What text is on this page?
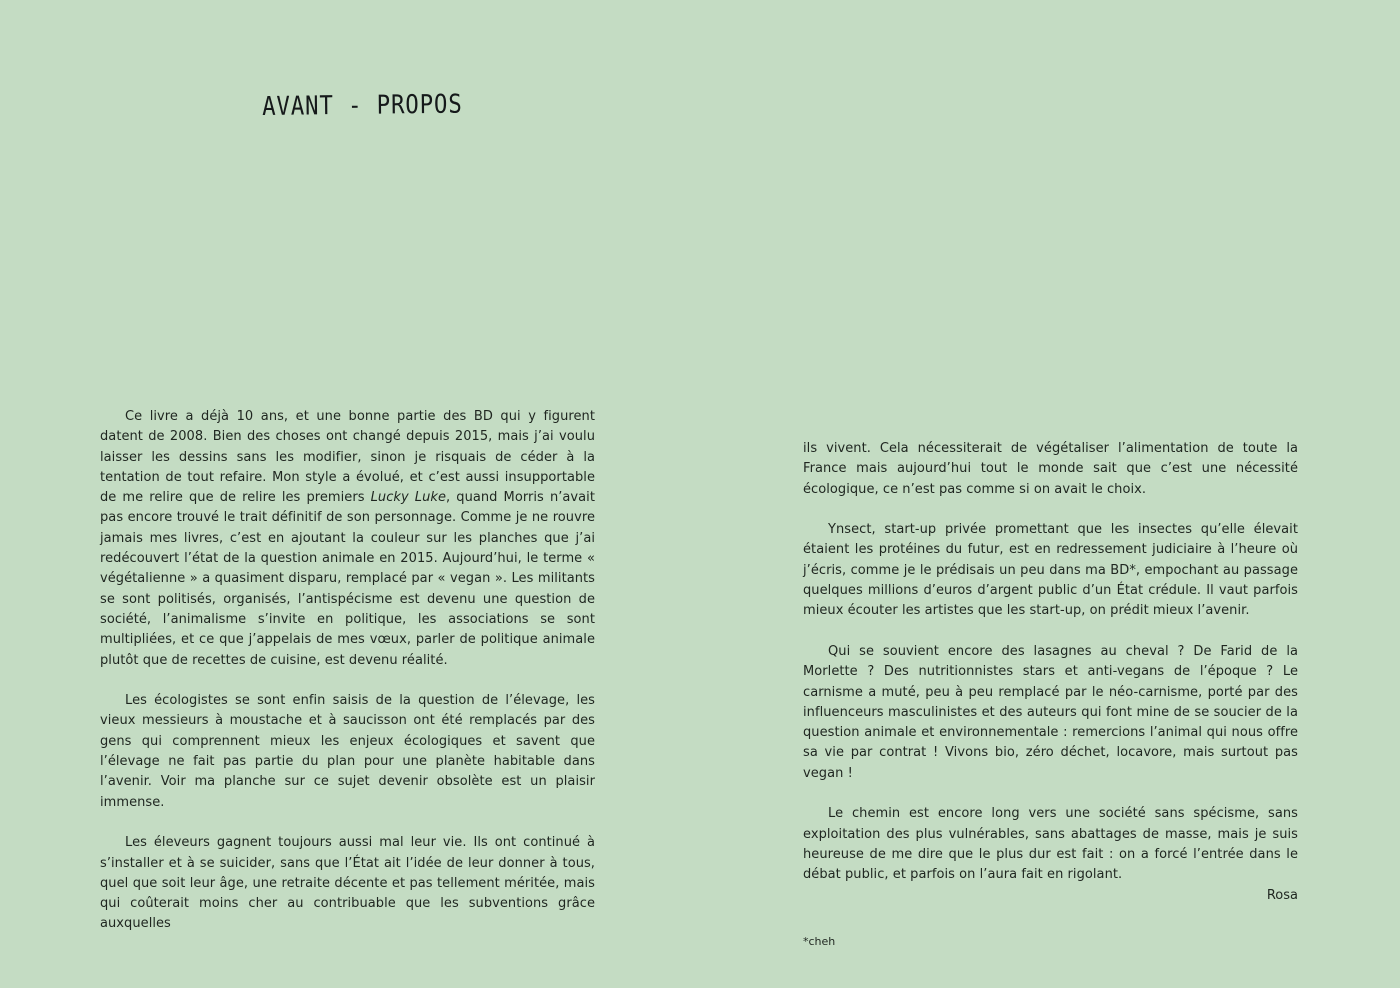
AVANT - PROPOS

Ce livre a déjà 10 ans, et une bonne partie des BD qui y figurent datent de 2008. Bien des choses ont changé depuis 2015, mais j’ai voulu laisser les dessins sans les modifier, sinon je risquais de céder à la tentation de tout refaire. Mon style a évolué, et c’est aussi insupportable de me relire que de relire les premiers Lucky Luke, quand Morris n’avait pas encore trouvé le trait définitif de son personnage. Comme je ne rouvre jamais mes livres, c’est en ajoutant la couleur sur les planches que j’ai redécouvert l’état de la question animale en 2015. Aujourd’hui, le terme « végétalienne » a quasiment disparu, remplacé par « vegan ». Les militants se sont politisés, organisés, l’antispécisme est devenu une question de société, l’animalisme s’invite en politique, les associations se sont multipliées, et ce que j’appelais de mes vœux, parler de politique animale plutôt que de recettes de cuisine, est devenu réalité.

Les écologistes se sont enfin saisis de la question de l’élevage, les vieux messieurs à moustache et à saucisson ont été remplacés par des gens qui comprennent mieux les enjeux écologiques et savent que l’élevage ne fait pas partie du plan pour une planète habitable dans l’avenir. Voir ma planche sur ce sujet devenir obsolète est un plaisir immense.

Les éleveurs gagnent toujours aussi mal leur vie. Ils ont continué à s’installer et à se suicider, sans que l’État ait l’idée de leur donner à tous, quel que soit leur âge, une retraite décente et pas tellement méritée, mais qui coûterait moins cher au contribuable que les subventions grâce auxquelles

ils vivent. Cela nécessiterait de végétaliser l’alimentation de toute la France mais aujourd’hui tout le monde sait que c’est une nécessité écologique, ce n’est pas comme si on avait le choix.

Ynsect, start-up privée promettant que les insectes qu’elle élevait étaient les protéines du futur, est en redressement judiciaire à l’heure où j’écris, comme je le prédisais un peu dans ma BD*, empochant au passage quelques millions d’euros d’argent public d’un État crédule. Il vaut parfois mieux écouter les artistes que les start-up, on prédit mieux l’avenir.

Qui se souvient encore des lasagnes au cheval ? De Farid de la Morlette ? Des nutritionnistes stars et anti-vegans de l’époque ? Le carnisme a muté, peu à peu remplacé par le néo-carnisme, porté par des influenceurs masculinistes et des auteurs qui font mine de se soucier de la question animale et environnementale : remercions l’animal qui nous offre sa vie par contrat ! Vivons bio, zéro déchet, locavore, mais surtout pas vegan !

Le chemin est encore long vers une société sans spécisme, sans exploitation des plus vulnérables, sans abattages de masse, mais je suis heureuse de me dire que le plus dur est fait : on a forcé l’entrée dans le débat public, et parfois on l’aura fait en rigolant.

Rosa
*cheh
